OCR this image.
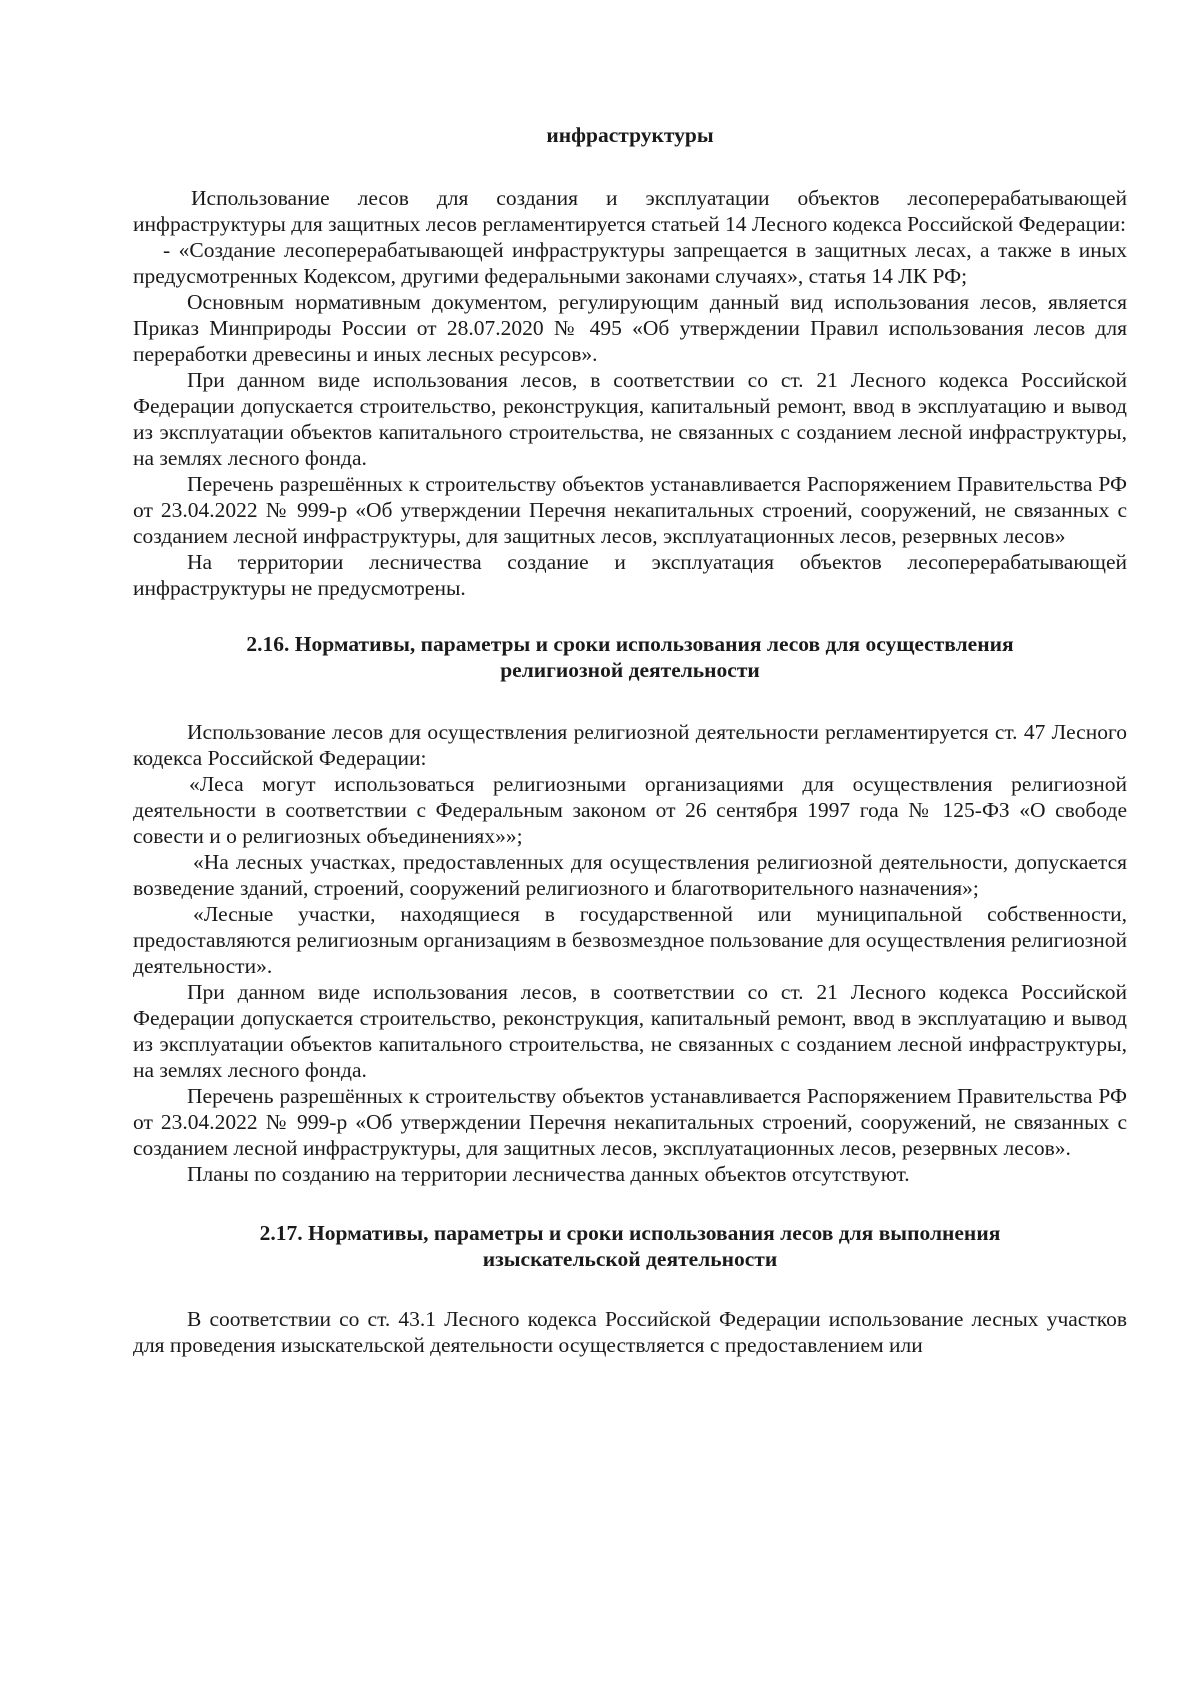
инфраструктуры

Использование лесов для создания и эксплуатации объектов лесоперерабатывающей инфраструктуры для защитных лесов регламентируется статьей 14 Лесного кодекса Российской Федерации:

- «Создание лесоперерабатывающей инфраструктуры запрещается в защитных лесах, а также в иных предусмотренных Кодексом, другими федеральными законами случаях», статья 14 ЛК РФ;

Основным нормативным документом, регулирующим данный вид использования лесов, является Приказ Минприроды России от 28.07.2020 № 495 «Об утверждении Правил использования лесов для переработки древесины и иных лесных ресурсов».

При данном виде использования лесов, в соответствии со ст. 21 Лесного кодекса Российской Федерации допускается строительство, реконструкция, капитальный ремонт, ввод в эксплуатацию и вывод из эксплуатации объектов капитального строительства, не связанных с созданием лесной инфраструктуры, на землях лесного фонда.

Перечень разрешённых к строительству объектов устанавливается Распоряжением Правительства РФ от 23.04.2022 № 999-р «Об утверждении Перечня некапитальных строений, сооружений, не связанных с созданием лесной инфраструктуры, для защитных лесов, эксплуатационных лесов, резервных лесов»

На территории лесничества создание и эксплуатация объектов лесоперерабатывающей инфраструктуры не предусмотрены.

2.16. Нормативы, параметры и сроки использования лесов для осуществления

религиозной деятельности

Использование лесов для осуществления религиозной деятельности регламентируется ст. 47 Лесного кодекса Российской Федерации:

«Леса могут использоваться религиозными организациями для осуществления религиозной деятельности в соответствии с Федеральным законом от 26 сентября 1997 года № 125-ФЗ «О свободе совести и о религиозных объединениях»»;

«На лесных участках, предоставленных для осуществления религиозной деятельности, допускается возведение зданий, строений, сооружений религиозного и благотворительного назначения»;

«Лесные участки, находящиеся в государственной или муниципальной собственности, предоставляются религиозным организациям в безвозмездное пользование для осуществления религиозной деятельности».

При данном виде использования лесов, в соответствии со ст. 21 Лесного кодекса Российской Федерации допускается строительство, реконструкция, капитальный ремонт, ввод в эксплуатацию и вывод из эксплуатации объектов капитального строительства, не связанных с созданием лесной инфраструктуры, на землях лесного фонда.

Перечень разрешённых к строительству объектов устанавливается Распоряжением Правительства РФ от 23.04.2022 № 999-р «Об утверждении Перечня некапитальных строений, сооружений, не связанных с созданием лесной инфраструктуры, для защитных лесов, эксплуатационных лесов, резервных лесов».

Планы по созданию на территории лесничества данных объектов отсутствуют.

2.17. Нормативы, параметры и сроки использования лесов для выполнения

изыскательской деятельности

В соответствии со ст. 43.1 Лесного кодекса Российской Федерации использование лесных участков для проведения изыскательской деятельности осуществляется с предоставлением или
